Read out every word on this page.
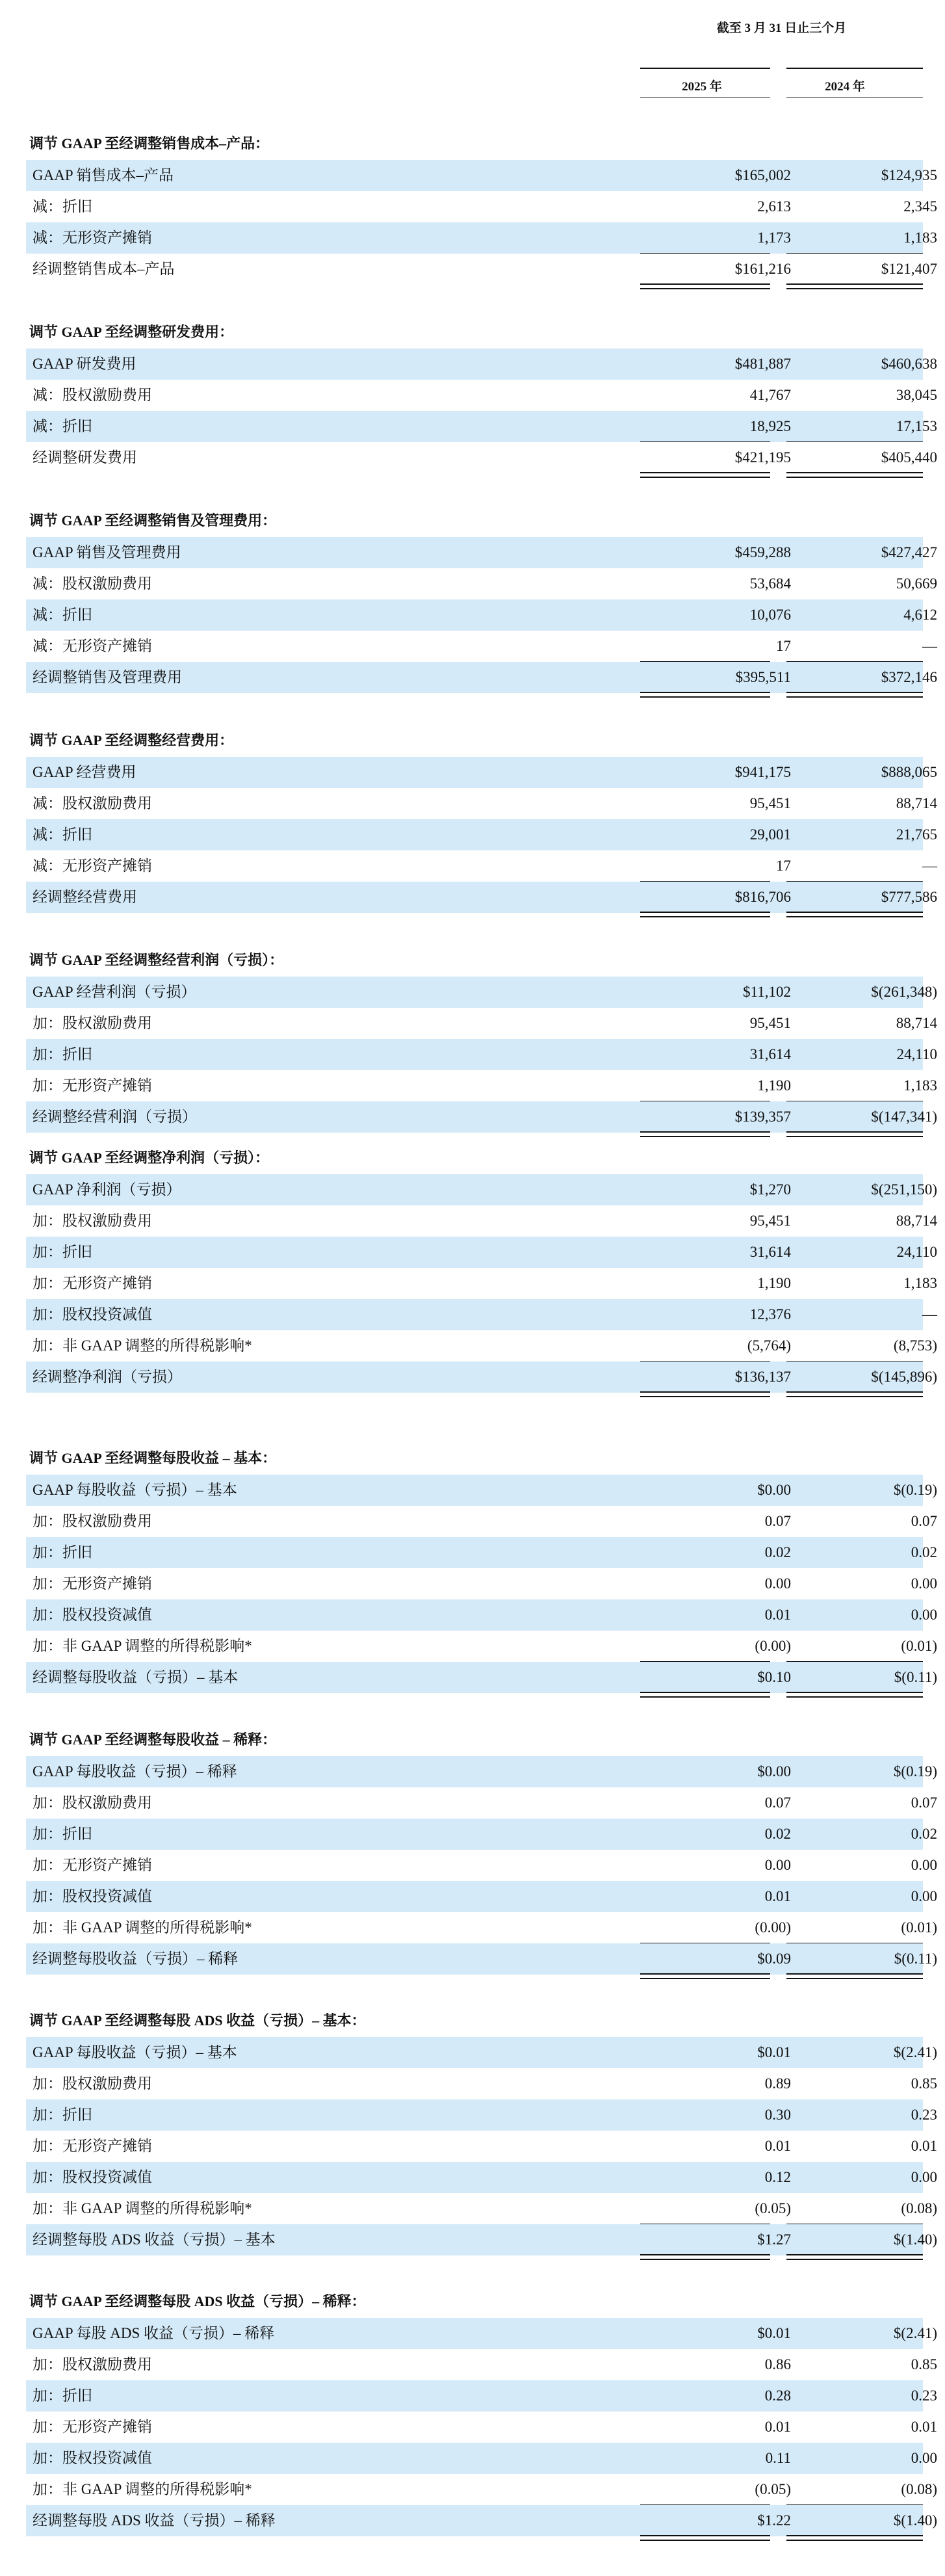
截至 3 月 31 日止三个月
2025 年	2024 年
调节 GAAP 至经调整销售成本–产品：
GAAP 销售成本–产品	$165,002	$124,935
减：折旧	2,613	2,345
减：无形资产摊销	1,173	1,183
经调整销售成本–产品	$161,216	$121,407
调节 GAAP 至经调整研发费用：
GAAP 研发费用	$481,887	$460,638
减：股权激励费用	41,767	38,045
减：折旧	18,925	17,153
经调整研发费用	$421,195	$405,440
调节 GAAP 至经调整销售及管理费用：
GAAP 销售及管理费用	$459,288	$427,427
减：股权激励费用	53,684	50,669
减：折旧	10,076	4,612
减：无形资产摊销	17	—
经调整销售及管理费用	$395,511	$372,146
调节 GAAP 至经调整经营费用：
GAAP 经营费用	$941,175	$888,065
减：股权激励费用	95,451	88,714
减：折旧	29,001	21,765
减：无形资产摊销	17	—
经调整经营费用	$816,706	$777,586
调节 GAAP 至经调整经营利润（亏损）：
GAAP 经营利润（亏损）	$11,102	$(261,348)
加：股权激励费用	95,451	88,714
加：折旧	31,614	24,110
加：无形资产摊销	1,190	1,183
经调整经营利润（亏损）	$139,357	$(147,341)
调节 GAAP 至经调整净利润（亏损）：
GAAP 净利润（亏损）	$1,270	$(251,150)
加：股权激励费用	95,451	88,714
加：折旧	31,614	24,110
加：无形资产摊销	1,190	1,183
加：股权投资减值	12,376	—
加：非 GAAP 调整的所得税影响*	(5,764)	(8,753)
经调整净利润（亏损）	$136,137	$(145,896)
调节 GAAP 至经调整每股收益 – 基本：
GAAP 每股收益（亏损）– 基本	$0.00	$(0.19)
加：股权激励费用	0.07	0.07
加：折旧	0.02	0.02
加：无形资产摊销	0.00	0.00
加：股权投资减值	0.01	0.00
加：非 GAAP 调整的所得税影响*	(0.00)	(0.01)
经调整每股收益（亏损）– 基本	$0.10	$(0.11)
调节 GAAP 至经调整每股收益 – 稀释：
GAAP 每股收益（亏损）– 稀释	$0.00	$(0.19)
加：股权激励费用	0.07	0.07
加：折旧	0.02	0.02
加：无形资产摊销	0.00	0.00
加：股权投资减值	0.01	0.00
加：非 GAAP 调整的所得税影响*	(0.00)	(0.01)
经调整每股收益（亏损）– 稀释	$0.09	$(0.11)
调节 GAAP 至经调整每股 ADS 收益（亏损）– 基本：
GAAP 每股收益（亏损）– 基本	$0.01	$(2.41)
加：股权激励费用	0.89	0.85
加：折旧	0.30	0.23
加：无形资产摊销	0.01	0.01
加：股权投资减值	0.12	0.00
加：非 GAAP 调整的所得税影响*	(0.05)	(0.08)
经调整每股 ADS 收益（亏损）– 基本	$1.27	$(1.40)
调节 GAAP 至经调整每股 ADS 收益（亏损）– 稀释：
GAAP 每股 ADS 收益（亏损）– 稀释	$0.01	$(2.41)
加：股权激励费用	0.86	0.85
加：折旧	0.28	0.23
加：无形资产摊销	0.01	0.01
加：股权投资减值	0.11	0.00
加：非 GAAP 调整的所得税影响*	(0.05)	(0.08)
经调整每股 ADS 收益（亏损）– 稀释	$1.22	$(1.40)
